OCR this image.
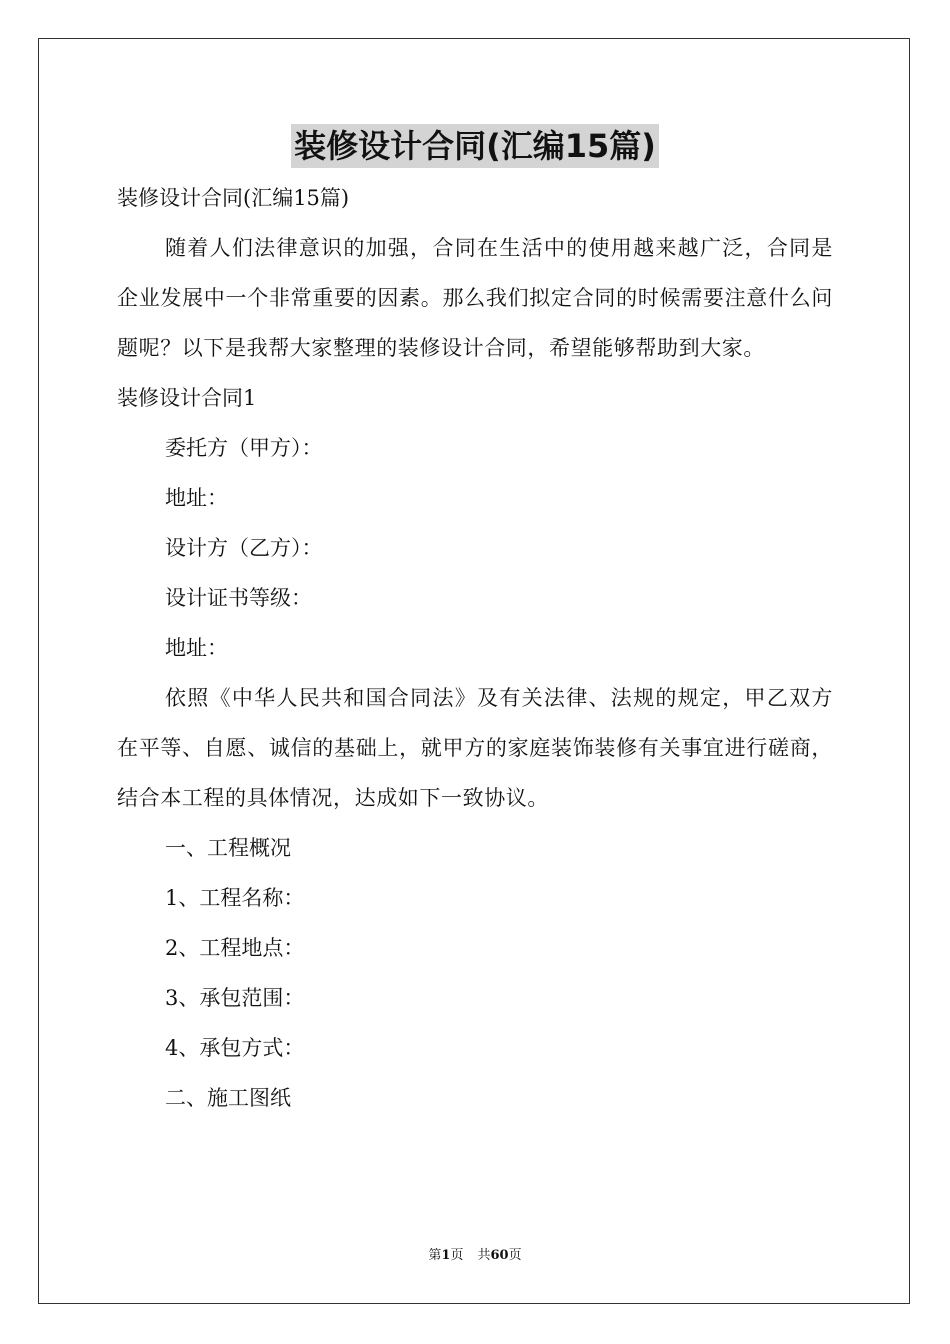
装修设计合同(汇编15篇)

装修设计合同(汇编15篇)

随着人们法律意识的加强，合同在生活中的使用越来越广泛，合同是企业发展中一个非常重要的因素。那么我们拟定合同的时候需要注意什么问题呢？以下是我帮大家整理的装修设计合同，希望能够帮助到大家。

装修设计合同1

委托方（甲方）：

地址：

设计方（乙方）：

设计证书等级：

地址：

依照《中华人民共和国合同法》及有关法律、法规的规定，甲乙双方在平等、自愿、诚信的基础上，就甲方的家庭装饰装修有关事宜进行磋商，结合本工程的具体情况，达成如下一致协议。

一、工程概况

1、工程名称：

2、工程地点：

3、承包范围：

4、承包方式：

二、施工图纸

第1页 共60页
